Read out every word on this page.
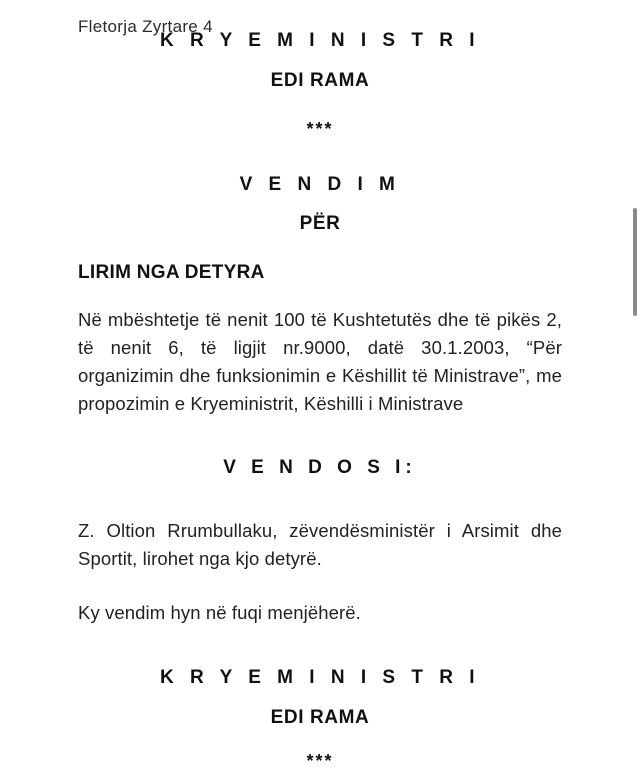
Fletorja Zyrtare 4
K R Y E M I N I S T R I
EDI RAMA
***
V E N D I M
PËR
LIRIM NGA DETYRA
Në mbështetje të nenit 100 të Kushtetutës dhe të pikës 2, të nenit 6, të ligjit nr.9000, datë 30.1.2003, “Për organizimin dhe funksionimin e Këshillit të Ministrave”, me propozimin e Kryeministrit, Këshilli i Ministrave
V E N D O S I:
Z. Oltion Rrumbullaku, zëvendësministër i Arsimit dhe Sportit, lirohet nga kjo detyrë.
Ky vendim hyn në fuqi menjëherë.
K R Y E M I N I S T R I
EDI RAMA
***
